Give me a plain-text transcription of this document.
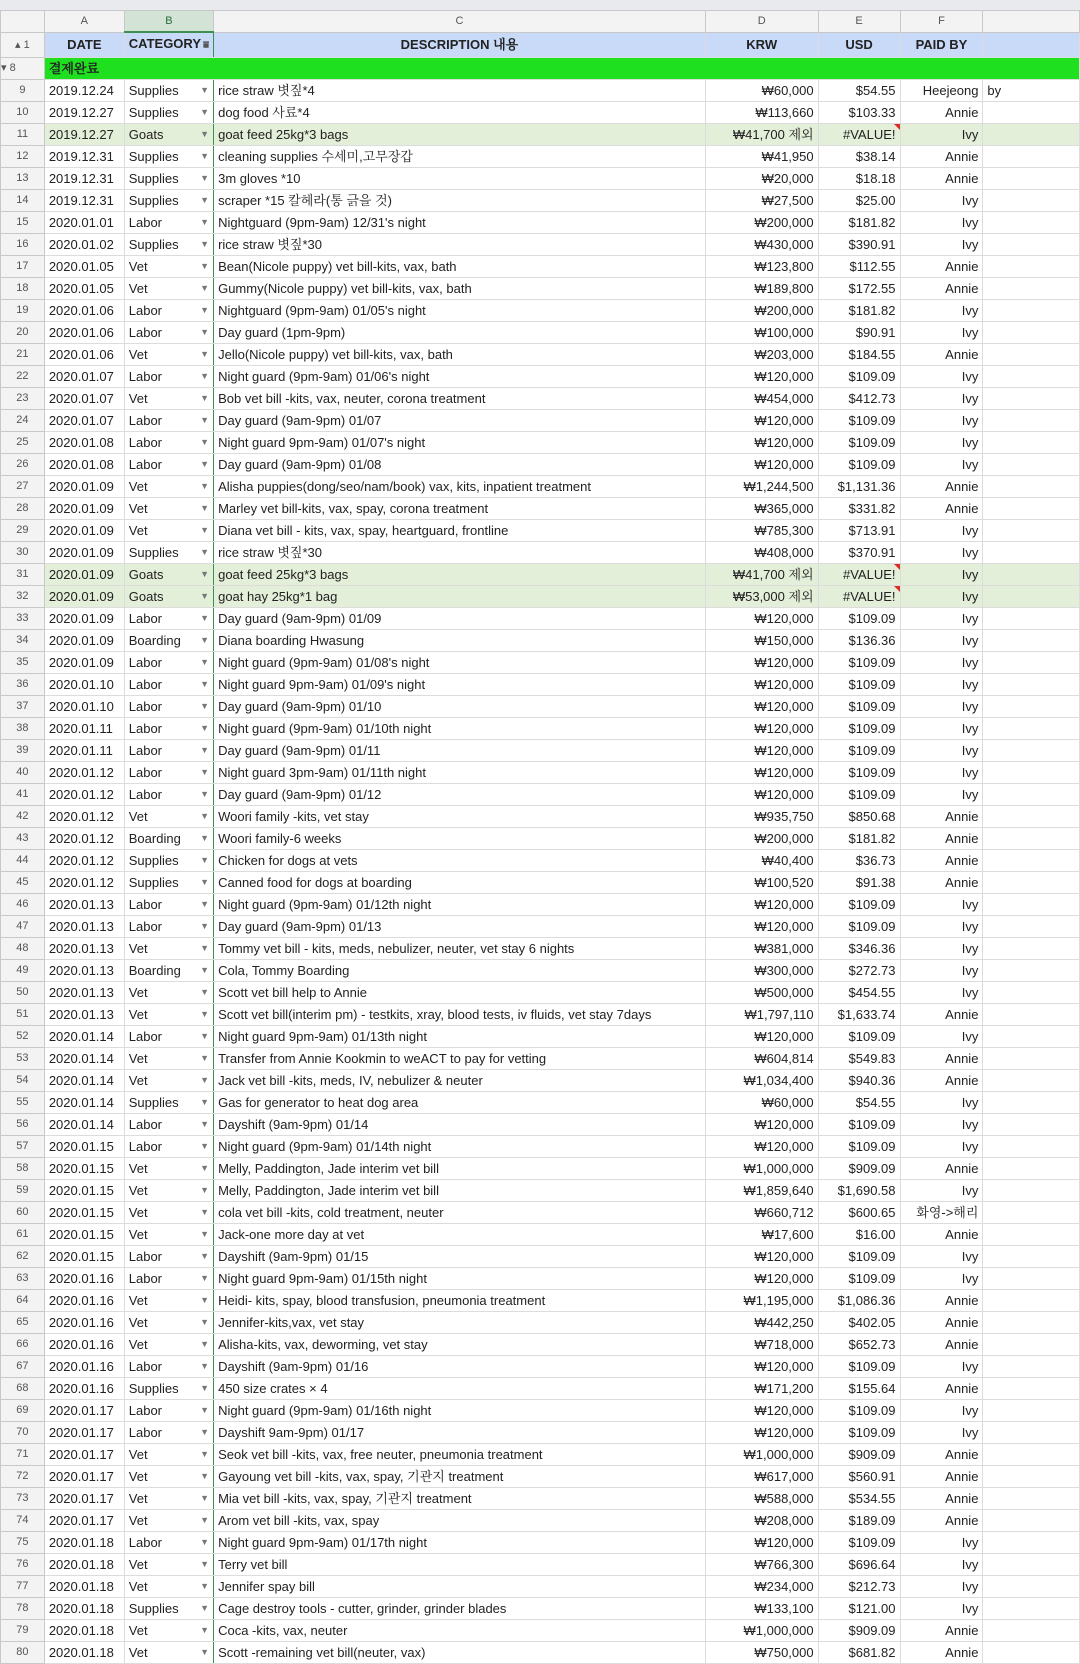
	A	B	C	D	E	F	
▴ 1	DATE	CATEGORY ⩸	DESCRIPTION 내용	KRW	USD	PAID BY	
▾ 8	결제완료						
9	2019.12.24	Supplies ▼	rice straw 볏짚*4	₩60,000	$54.55	Heejeong	by
10	2019.12.27	Supplies ▼	dog food 사료*4	₩113,660	$103.33	Annie	
11	2019.12.27	Goats ▼	goat feed 25kg*3 bags	₩41,700 제외	#VALUE!	Ivy	
12	2019.12.31	Supplies ▼	cleaning supplies 수세미,고무장갑	₩41,950	$38.14	Annie	
13	2019.12.31	Supplies ▼	3m gloves *10	₩20,000	$18.18	Annie	
14	2019.12.31	Supplies ▼	scraper *15 칼헤라(통 긁을 것)	₩27,500	$25.00	Ivy	
15	2020.01.01	Labor ▼	Nightguard (9pm-9am) 12/31's night	₩200,000	$181.82	Ivy	
16	2020.01.02	Supplies ▼	rice straw 볏짚*30	₩430,000	$390.91	Ivy	
17	2020.01.05	Vet ▼	Bean(Nicole puppy) vet bill-kits, vax, bath	₩123,800	$112.55	Annie	
18	2020.01.05	Vet ▼	Gummy(Nicole puppy) vet bill-kits, vax, bath	₩189,800	$172.55	Annie	
19	2020.01.06	Labor ▼	Nightguard (9pm-9am) 01/05's night	₩200,000	$181.82	Ivy	
20	2020.01.06	Labor ▼	Day guard (1pm-9pm)	₩100,000	$90.91	Ivy	
21	2020.01.06	Vet ▼	Jello(Nicole puppy) vet bill-kits, vax, bath	₩203,000	$184.55	Annie	
22	2020.01.07	Labor ▼	Night guard (9pm-9am) 01/06's night	₩120,000	$109.09	Ivy	
23	2020.01.07	Vet ▼	Bob vet bill -kits, vax, neuter, corona treatment	₩454,000	$412.73	Ivy	
24	2020.01.07	Labor ▼	Day guard (9am-9pm) 01/07	₩120,000	$109.09	Ivy	
25	2020.01.08	Labor ▼	Night guard 9pm-9am) 01/07's night	₩120,000	$109.09	Ivy	
26	2020.01.08	Labor ▼	Day guard (9am-9pm) 01/08	₩120,000	$109.09	Ivy	
27	2020.01.09	Vet ▼	Alisha puppies(dong/seo/nam/book) vax, kits, inpatient treatment	₩1,244,500	$1,131.36	Annie	
28	2020.01.09	Vet ▼	Marley vet bill-kits, vax, spay, corona treatment	₩365,000	$331.82	Annie	
29	2020.01.09	Vet ▼	Diana vet bill - kits, vax, spay, heartguard, frontline	₩785,300	$713.91	Ivy	
30	2020.01.09	Supplies ▼	rice straw 볏짚*30	₩408,000	$370.91	Ivy	
31	2020.01.09	Goats ▼	goat feed 25kg*3 bags	₩41,700 제외	#VALUE!	Ivy	
32	2020.01.09	Goats ▼	goat hay 25kg*1 bag	₩53,000 제외	#VALUE!	Ivy	
33	2020.01.09	Labor ▼	Day guard (9am-9pm) 01/09	₩120,000	$109.09	Ivy	
34	2020.01.09	Boarding ▼	Diana boarding Hwasung	₩150,000	$136.36	Ivy	
35	2020.01.09	Labor ▼	Night guard (9pm-9am) 01/08's night	₩120,000	$109.09	Ivy	
36	2020.01.10	Labor ▼	Night guard 9pm-9am) 01/09's night	₩120,000	$109.09	Ivy	
37	2020.01.10	Labor ▼	Day guard (9am-9pm) 01/10	₩120,000	$109.09	Ivy	
38	2020.01.11	Labor ▼	Night guard (9pm-9am) 01/10th night	₩120,000	$109.09	Ivy	
39	2020.01.11	Labor ▼	Day guard (9am-9pm) 01/11	₩120,000	$109.09	Ivy	
40	2020.01.12	Labor ▼	Night guard 3pm-9am) 01/11th night	₩120,000	$109.09	Ivy	
41	2020.01.12	Labor ▼	Day guard (9am-9pm) 01/12	₩120,000	$109.09	Ivy	
42	2020.01.12	Vet ▼	Woori family -kits, vet stay	₩935,750	$850.68	Annie	
43	2020.01.12	Boarding ▼	Woori family-6 weeks	₩200,000	$181.82	Annie	
44	2020.01.12	Supplies ▼	Chicken for dogs at vets	₩40,400	$36.73	Annie	
45	2020.01.12	Supplies ▼	Canned food for dogs at boarding	₩100,520	$91.38	Annie	
46	2020.01.13	Labor ▼	Night guard (9pm-9am) 01/12th night	₩120,000	$109.09	Ivy	
47	2020.01.13	Labor ▼	Day guard (9am-9pm) 01/13	₩120,000	$109.09	Ivy	
48	2020.01.13	Vet ▼	Tommy vet bill - kits, meds, nebulizer, neuter, vet stay 6 nights	₩381,000	$346.36	Ivy	
49	2020.01.13	Boarding ▼	Cola, Tommy Boarding	₩300,000	$272.73	Ivy	
50	2020.01.13	Vet ▼	Scott vet bill help to Annie	₩500,000	$454.55	Ivy	
51	2020.01.13	Vet ▼	Scott vet bill(interim pm) - testkits, xray, blood tests, iv fluids, vet stay 7days	₩1,797,110	$1,633.74	Annie	
52	2020.01.14	Labor ▼	Night guard 9pm-9am) 01/13th night	₩120,000	$109.09	Ivy	
53	2020.01.14	Vet ▼	Transfer from Annie Kookmin to weACT to pay for vetting	₩604,814	$549.83	Annie	
54	2020.01.14	Vet ▼	Jack vet bill -kits, meds, IV, nebulizer & neuter	₩1,034,400	$940.36	Annie	
55	2020.01.14	Supplies ▼	Gas for generator to heat dog area	₩60,000	$54.55	Ivy	
56	2020.01.14	Labor ▼	Dayshift (9am-9pm) 01/14	₩120,000	$109.09	Ivy	
57	2020.01.15	Labor ▼	Night guard (9pm-9am) 01/14th night	₩120,000	$109.09	Ivy	
58	2020.01.15	Vet ▼	Melly, Paddington, Jade interim vet bill	₩1,000,000	$909.09	Annie	
59	2020.01.15	Vet ▼	Melly, Paddington, Jade interim vet bill	₩1,859,640	$1,690.58	Ivy	
60	2020.01.15	Vet ▼	cola vet bill -kits, cold treatment, neuter	₩660,712	$600.65	화영->해리	
61	2020.01.15	Vet ▼	Jack-one more day at vet	₩17,600	$16.00	Annie	
62	2020.01.15	Labor ▼	Dayshift (9am-9pm) 01/15	₩120,000	$109.09	Ivy	
63	2020.01.16	Labor ▼	Night guard 9pm-9am) 01/15th night	₩120,000	$109.09	Ivy	
64	2020.01.16	Vet ▼	Heidi- kits, spay, blood transfusion, pneumonia treatment	₩1,195,000	$1,086.36	Annie	
65	2020.01.16	Vet ▼	Jennifer-kits,vax, vet stay	₩442,250	$402.05	Annie	
66	2020.01.16	Vet ▼	Alisha-kits, vax, deworming, vet stay	₩718,000	$652.73	Annie	
67	2020.01.16	Labor ▼	Dayshift (9am-9pm) 01/16	₩120,000	$109.09	Ivy	
68	2020.01.16	Supplies ▼	450 size crates × 4	₩171,200	$155.64	Annie	
69	2020.01.17	Labor ▼	Night guard (9pm-9am) 01/16th night	₩120,000	$109.09	Ivy	
70	2020.01.17	Labor ▼	Dayshift 9am-9pm) 01/17	₩120,000	$109.09	Ivy	
71	2020.01.17	Vet ▼	Seok vet bill -kits, vax, free neuter, pneumonia treatment	₩1,000,000	$909.09	Annie	
72	2020.01.17	Vet ▼	Gayoung vet bill -kits, vax, spay, 기관지 treatment	₩617,000	$560.91	Annie	
73	2020.01.17	Vet ▼	Mia vet bill -kits, vax, spay, 기관지 treatment	₩588,000	$534.55	Annie	
74	2020.01.17	Vet ▼	Arom vet bill -kits, vax, spay	₩208,000	$189.09	Annie	
75	2020.01.18	Labor ▼	Night guard 9pm-9am) 01/17th night	₩120,000	$109.09	Ivy	
76	2020.01.18	Vet ▼	Terry vet bill	₩766,300	$696.64	Ivy	
77	2020.01.18	Vet ▼	Jennifer spay bill	₩234,000	$212.73	Ivy	
78	2020.01.18	Supplies ▼	Cage destroy tools - cutter, grinder, grinder blades	₩133,100	$121.00	Ivy	
79	2020.01.18	Vet ▼	Coca -kits, vax, neuter	₩1,000,000	$909.09	Annie	
80	2020.01.18	Vet ▼	Scott -remaining vet bill(neuter, vax)	₩750,000	$681.82	Annie	
